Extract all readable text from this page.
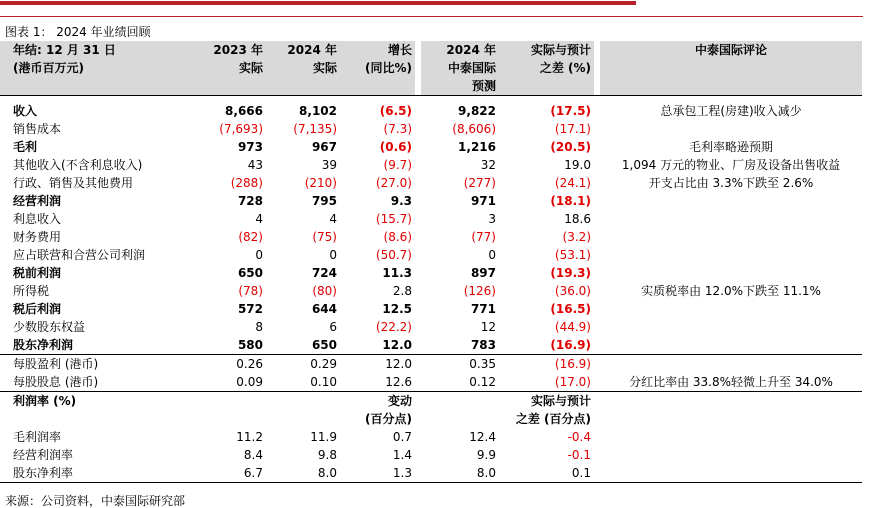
图表 1： 2024 年业绩回顾
年结: 12 月 31 日	2023 年	2024 年	增长		2024 年	实际与预计		中泰国际评论
(港币百万元)	实际	实际	(同比%)		中泰国际	之差 (%)		
					预测			

收入	8,666	8,102	(6.5)		9,822	(17.5)		总承包工程(房建)收入减少
销售成本	(7,693)	(7,135)	(7.3)		(8,606)	(17.1)		
毛利	973	967	(0.6)		1,216	(20.5)		毛利率略逊预期
其他收入(不含利息收入)	43	39	(9.7)		32	19.0		1,094 万元的物业、厂房及设备出售收益
行政、销售及其他费用	(288)	(210)	(27.0)		(277)	(24.1)		开支占比由 3.3%下跌至 2.6%
经营利润	728	795	9.3		971	(18.1)		
利息收入	4	4	(15.7)		3	18.6		
财务费用	(82)	(75)	(8.6)		(77)	(3.2)		
应占联营和合营公司利润	0	0	(50.7)		0	(53.1)		
税前利润	650	724	11.3		897	(19.3)		
所得税	(78)	(80)	2.8		(126)	(36.0)		实质税率由 12.0%下跌至 11.1%
税后利润	572	644	12.5		771	(16.5)		
少数股东权益	8	6	(22.2)		12	(44.9)		
股东净利润	580	650	12.0		783	(16.9)		
每股盈利 (港币)	0.26	0.29	12.0		0.35	(16.9)		
每股股息 (港币)	0.09	0.10	12.6		0.12	(17.0)		分红比率由 33.8%轻微上升至 34.0%
利润率 (%)			变动			实际与预计		
			(百分点)			之差 (百分点)		
毛利润率	11.2	11.9	0.7		12.4	-0.4		
经营利润率	8.4	9.8	1.4		9.9	-0.1		
股东净利率	6.7	8.0	1.3		8.0	0.1		

来源：公司资料，中泰国际研究部
